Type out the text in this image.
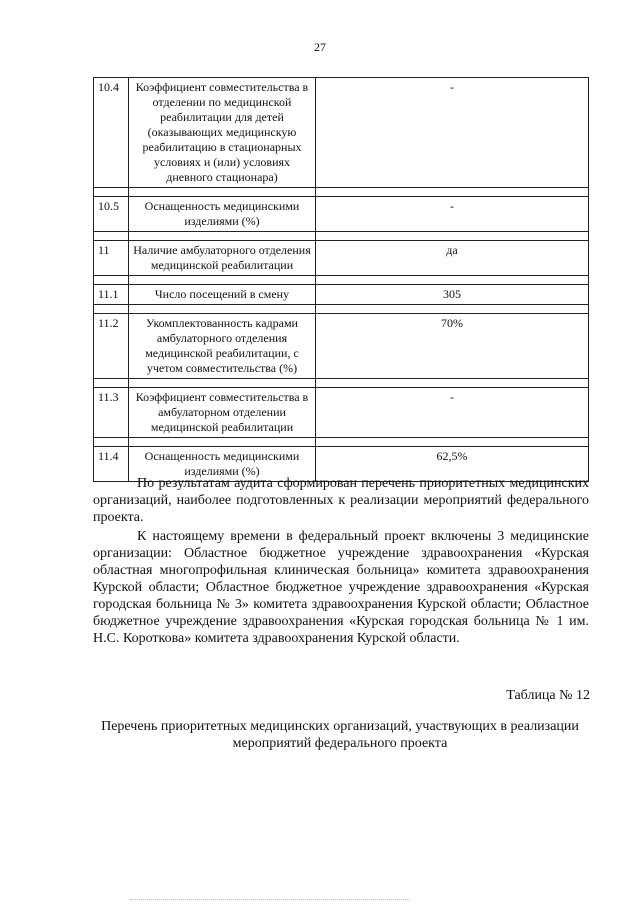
27
10.4	Коэффициент совместительства в отделении по медицинской реабилитации для детей (оказывающих медицинскую реабилитацию в стационарных условиях и (или) условиях дневного стационара)	-

10.5	Оснащенность медицинскими изделиями (%)	-

11	Наличие амбулаторного отделения медицинской реабилитации	да

11.1	Число посещений в смену	305

11.2	Укомплектованность кадрами амбулаторного отделения медицинской реабилитации, с учетом совместительства (%)	70%

11.3	Коэффициент совместительства в амбулаторном отделении медицинской реабилитации	-

11.4	Оснащенность медицинскими изделиями (%)	62,5%
По результатам аудита сформирован перечень приоритетных медицинских организаций, наиболее подготовленных к реализации мероприятий федерального проекта.
К настоящему времени в федеральный проект включены 3 медицинские организации: Областное бюджетное учреждение здравоохранения «Курская областная многопрофильная клиническая больница» комитета здравоохранения Курской области; Областное бюджетное учреждение здравоохранения «Курская городская больница № 3» комитета здравоохранения Курской области; Областное бюджетное учреждение здравоохранения «Курская городская больница № 1 им. Н.С. Короткова» комитета здравоохранения Курской области.
Таблица № 12
Перечень приоритетных медицинских организаций, участвующих в реализации мероприятий федерального проекта
